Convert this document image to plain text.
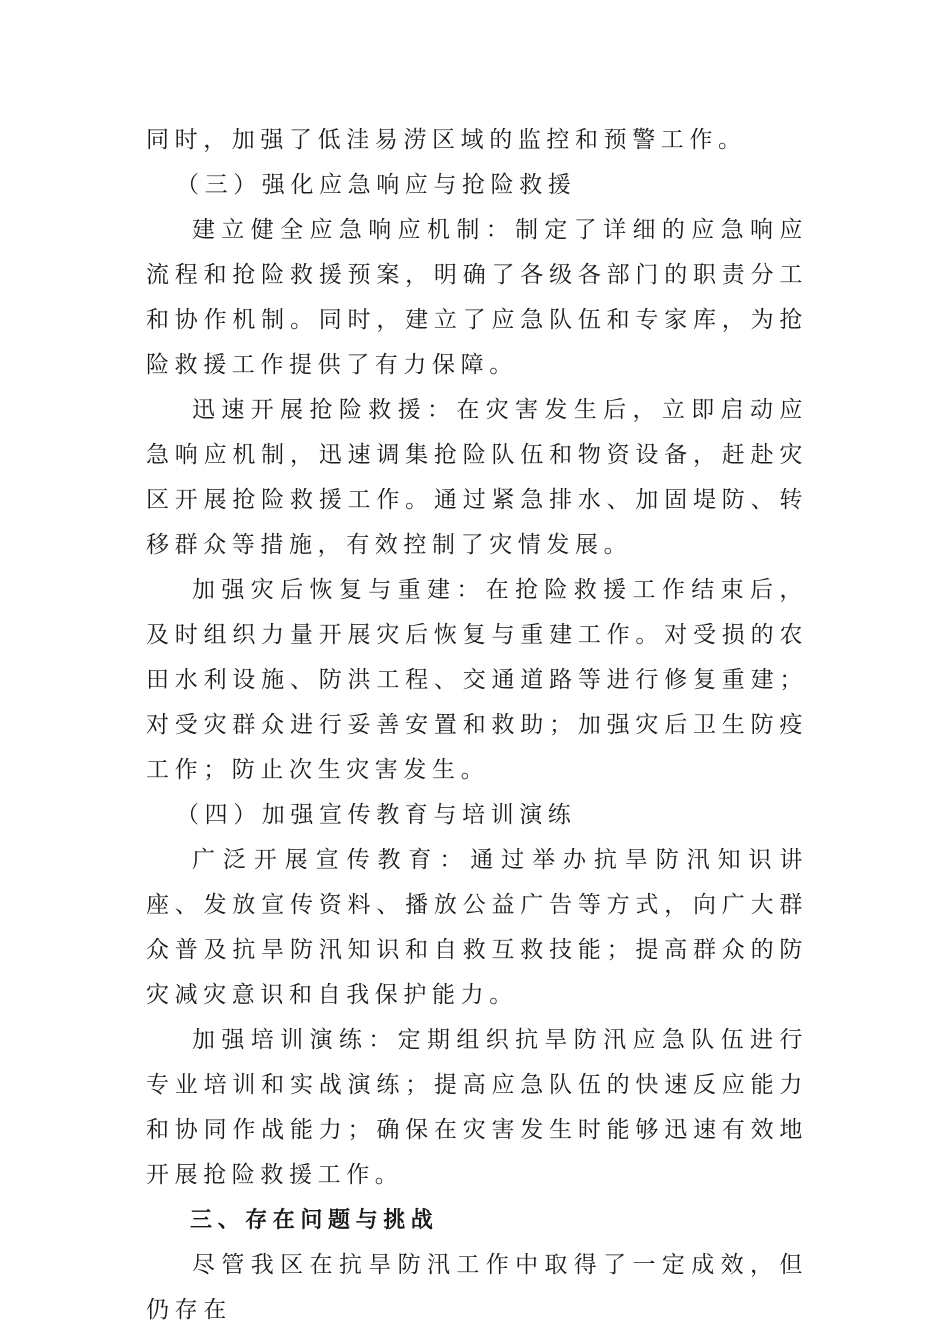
同时，加强了低洼易涝区域的监控和预警工作。

（三）强化应急响应与抢险救援

建立健全应急响应机制：制定了详细的应急响应流程和抢险救援预案，明确了各级各部门的职责分工和协作机制。同时，建立了应急队伍和专家库，为抢险救援工作提供了有力保障。

迅速开展抢险救援：在灾害发生后，立即启动应急响应机制，迅速调集抢险队伍和物资设备，赶赴灾区开展抢险救援工作。通过紧急排水、加固堤防、转移群众等措施，有效控制了灾情发展。

加强灾后恢复与重建：在抢险救援工作结束后，及时组织力量开展灾后恢复与重建工作。对受损的农田水利设施、防洪工程、交通道路等进行修复重建；对受灾群众进行妥善安置和救助；加强灾后卫生防疫工作；防止次生灾害发生。

（四）加强宣传教育与培训演练

广泛开展宣传教育：通过举办抗旱防汛知识讲座、发放宣传资料、播放公益广告等方式，向广大群众普及抗旱防汛知识和自救互救技能；提高群众的防灾减灾意识和自我保护能力。

加强培训演练：定期组织抗旱防汛应急队伍进行专业培训和实战演练；提高应急队伍的快速反应能力和协同作战能力；确保在灾害发生时能够迅速有效地开展抢险救援工作。

三、存在问题与挑战

尽管我区在抗旱防汛工作中取得了一定成效，但仍存在
